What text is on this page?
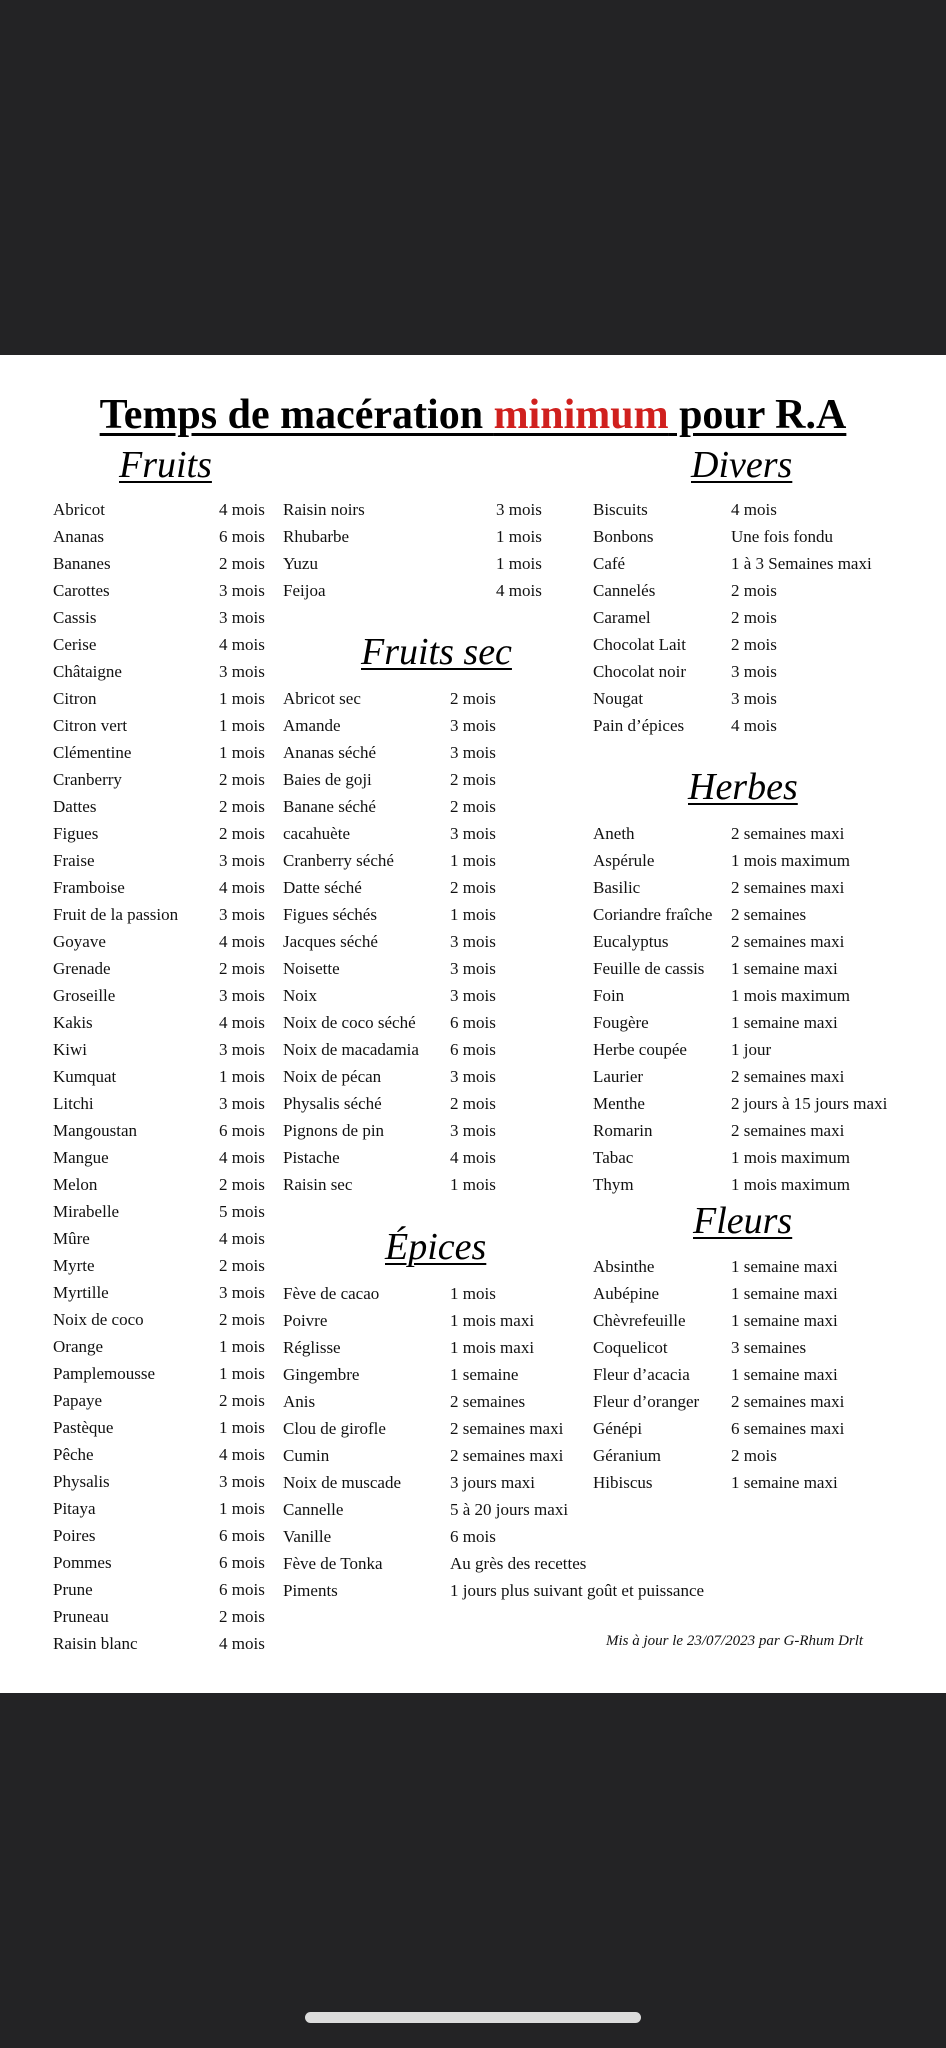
Temps de macération minimum pour R.A
Fruits
Fruits sec
Épices
Divers
Herbes
Fleurs
Abricot	4 mois
Ananas	6 mois
Bananes	2 mois
Carottes	3 mois
Cassis	3 mois
Cerise	4 mois
Châtaigne	3 mois
Citron	1 mois
Citron vert	1 mois
Clémentine	1 mois
Cranberry	2 mois
Dattes	2 mois
Figues	2 mois
Fraise	3 mois
Framboise	4 mois
Fruit de la passion 3 mois
Goyave	4 mois
Grenade	2 mois
Groseille	3 mois
Kakis	4 mois
Kiwi	3 mois
Kumquat	1 mois
Litchi	3 mois
Mangoustan	6 mois
Mangue	4 mois
Melon	2 mois
Mirabelle	5 mois
Mûre	4 mois
Myrte	2 mois
Myrtille	3 mois
Noix de coco	2 mois
Orange	1 mois
Pamplemousse	1 mois
Papaye	2 mois
Pastèque	1 mois
Pêche	4 mois
Physalis	3 mois
Pitaya	1 mois
Poires	6 mois
Pommes	6 mois
Prune	6 mois
Pruneau	2 mois
Raisin blanc	4 mois
Raisin noirs	3 mois
Rhubarbe	1 mois
Yuzu	1 mois
Feijoa	4 mois
Abricot sec	2 mois
Amande	3 mois
Ananas séché	3 mois
Baies de goji	2 mois
Banane séché	2 mois
cacahuète	3 mois
Cranberry séché	1 mois
Datte séché	2 mois
Figues séchés	1 mois
Jacques séché	3 mois
Noisette	3 mois
Noix	3 mois
Noix de coco séché 6 mois
Noix de macadamia 6 mois
Noix de pécan	3 mois
Physalis séché	2 mois
Pignons de pin	3 mois
Pistache	4 mois
Raisin sec	1 mois
Fève de cacao	1 mois
Poivre	1 mois maxi
Réglisse	1 mois maxi
Gingembre	1 semaine
Anis	2 semaines
Clou de girofle	2 semaines maxi
Cumin	2 semaines maxi
Noix de muscade	3 jours maxi
Cannelle	5 à 20 jours maxi
Vanille	6 mois
Fève de Tonka	Au grès des recettes
Piments	1 jours plus suivant goût et puissance
Biscuits	4 mois
Bonbons	Une fois fondu
Café	1 à 3 Semaines maxi
Cannelés	2 mois
Caramel	2 mois
Chocolat Lait	2 mois
Chocolat noir	3 mois
Nougat	3 mois
Pain d’épices	4 mois
Aneth	2 semaines maxi
Aspérule	1 mois maximum
Basilic	2 semaines maxi
Coriandre fraîche 2 semaines
Eucalyptus	2 semaines maxi
Feuille de cassis 1 semaine maxi
Foin	1 mois maximum
Fougère	1 semaine maxi
Herbe coupée	1 jour
Laurier	2 semaines maxi
Menthe	2 jours à 15 jours maxi
Romarin	2 semaines maxi
Tabac	1 mois maximum
Thym	1 mois maximum
Absinthe	1 semaine maxi
Aubépine	1 semaine maxi
Chèvrefeuille	1 semaine maxi
Coquelicot	3 semaines
Fleur d’acacia 1 semaine maxi
Fleur d’oranger 2 semaines maxi
Génépi	6 semaines maxi
Géranium	2 mois
Hibiscus	1 semaine maxi
Mis à jour le 23/07/2023 par G-Rhum Drlt
